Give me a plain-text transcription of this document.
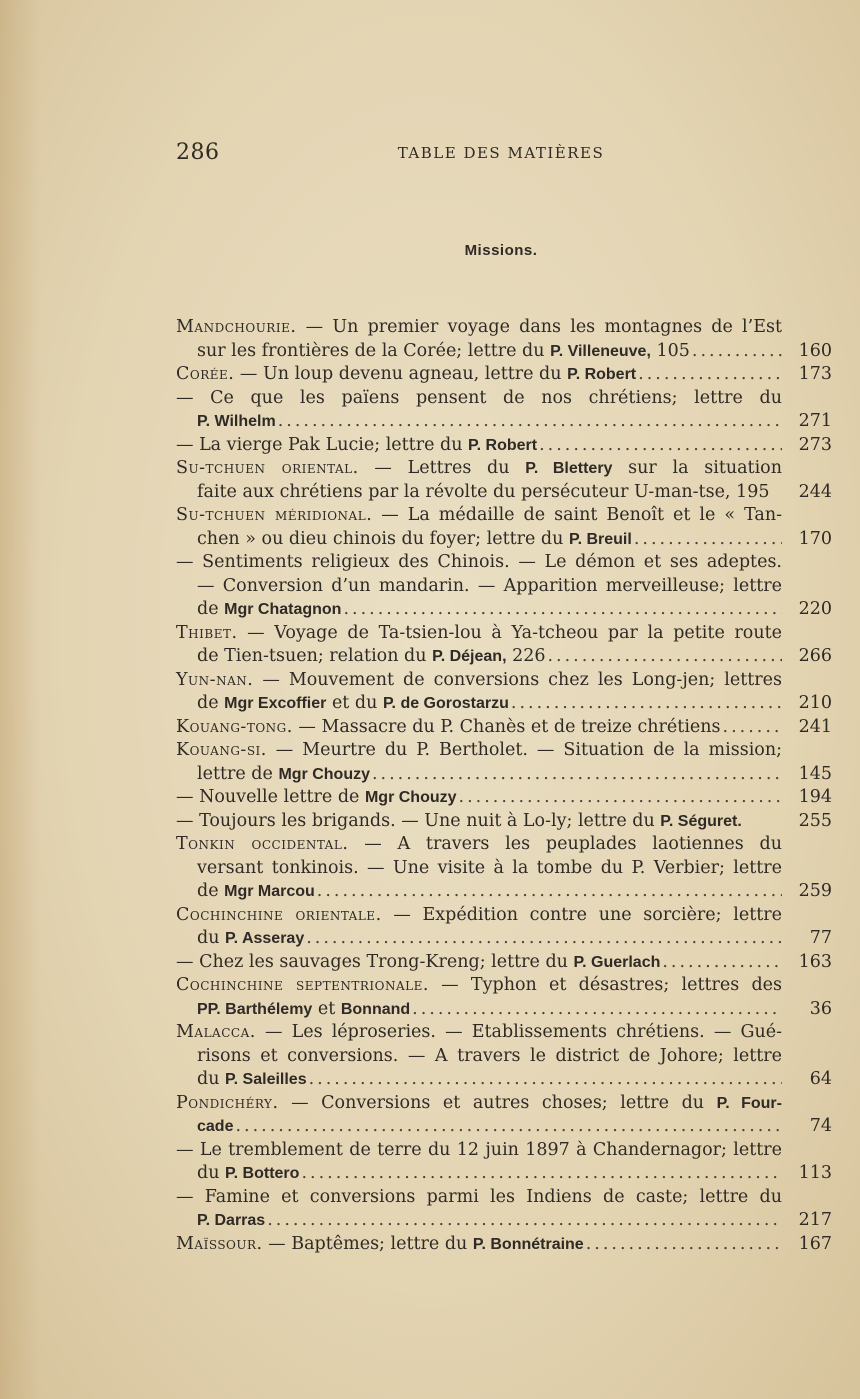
286	TABLE DES MATIÈRES
Missions.
Mandchourie. — Un premier voyage dans les montagnes de l’Est
sur les frontières de la Corée; lettre du P. Villeneuve, 105 .....	160
Corée. — Un loup devenu agneau, lettre du P. Robert .....	173
— Ce que les païens pensent de nos chrétiens; lettre du
P. Wilhelm .....	271
— La vierge Pak Lucie; lettre du P. Robert .....	273
Su-tchuen oriental. — Lettres du P. Blettery sur la situation
faite aux chrétiens par la révolte du persécuteur U-man-tse, 195	244
Su-tchuen méridional. — La médaille de saint Benoît et le « Tan-
chen » ou dieu chinois du foyer; lettre du P. Breuil .....	170
— Sentiments religieux des Chinois. — Le démon et ses adeptes.
— Conversion d’un mandarin. — Apparition merveilleuse; lettre
de Mgr Chatagnon .....	220
Thibet. — Voyage de Ta-tsien-lou à Ya-tcheou par la petite route
de Tien-tsuen; relation du P. Déjean, 226 .....	266
Yun-nan. — Mouvement de conversions chez les Long-jen; lettres
de Mgr Excoffier et du P. de Gorostarzu .....	210
Kouang-tong. — Massacre du P. Chanès et de treize chrétiens .....	241
Kouang-si. — Meurtre du P. Bertholet. — Situation de la mission;
lettre de Mgr Chouzy .....	145
— Nouvelle lettre de Mgr Chouzy .....	194
— Toujours les brigands. — Une nuit à Lo-ly; lettre du P. Séguret.	255
Tonkin occidental. — A travers les peuplades laotiennes du
versant tonkinois. — Une visite à la tombe du P. Verbier; lettre
de Mgr Marcou .....	259
Cochinchine orientale. — Expédition contre une sorcière; lettre
du P. Asseray .....	77
— Chez les sauvages Trong-Kreng; lettre du P. Guerlach .....	163
Cochinchine septentrionale. — Typhon et désastres; lettres des
PP. Barthélemy et Bonnand .....	36
Malacca. — Les léproseries. — Etablissements chrétiens. — Gué-
risons et conversions. — A travers le district de Johore; lettre
du P. Saleilles .....	64
Pondichéry. — Conversions et autres choses; lettre du P. Four-
cade .....	74
— Le tremblement de terre du 12 juin 1897 à Chandernagor; lettre
du P. Bottero .....	113
— Famine et conversions parmi les Indiens de caste; lettre du
P. Darras .....	217
Maïssour. — Baptêmes; lettre du P. Bonnétraine .....	167
